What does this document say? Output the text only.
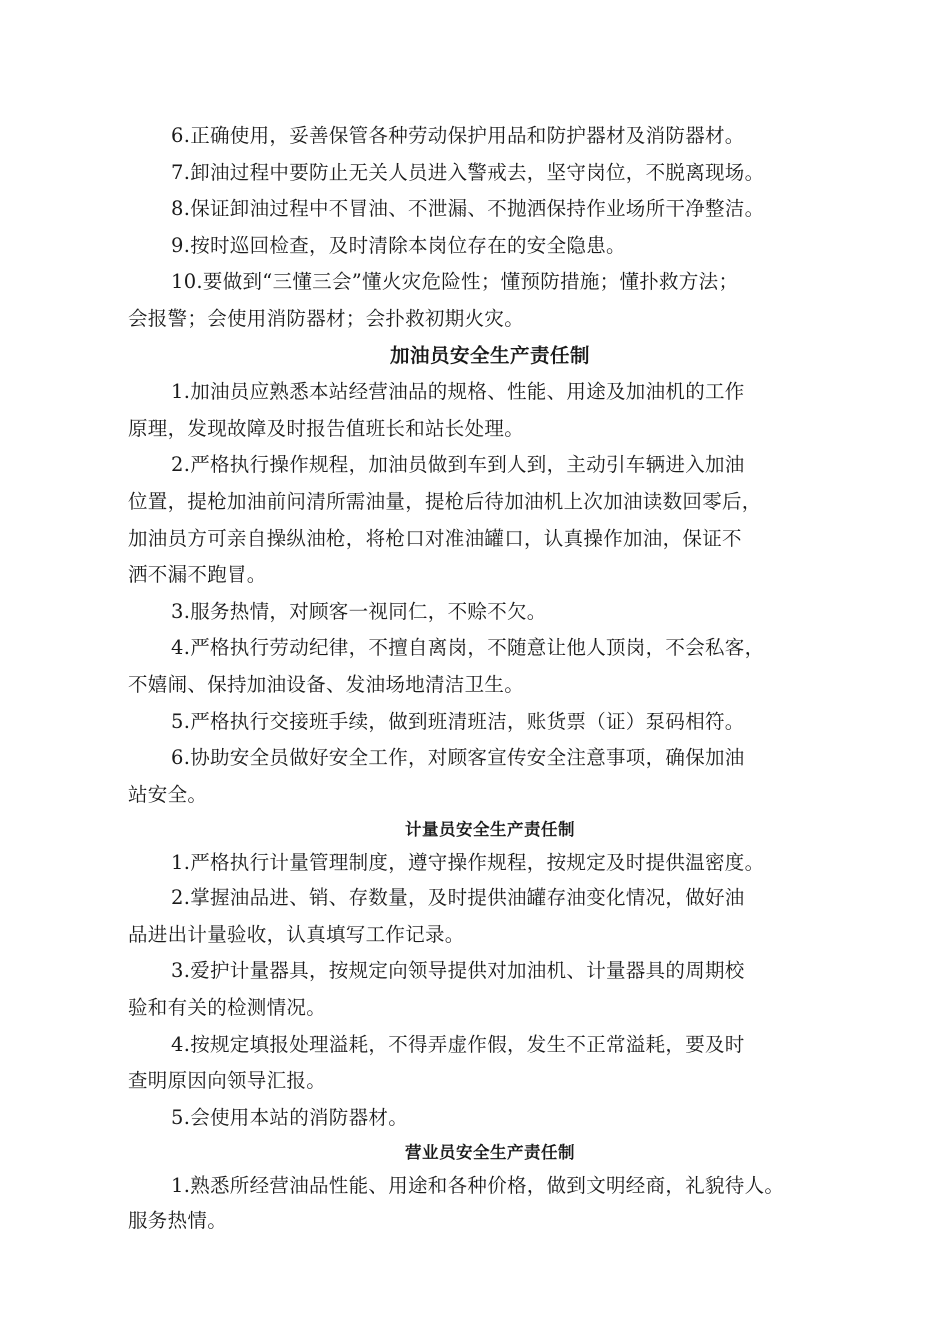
6.正确使用，妥善保管各种劳动保护用品和防护器材及消防器材。
7.卸油过程中要防止无关人员进入警戒去，坚守岗位，不脱离现场。
8.保证卸油过程中不冒油、不泄漏、不抛洒保持作业场所干净整洁。
9.按时巡回检查，及时清除本岗位存在的安全隐患。
10.要做到“三懂三会”懂火灾危险性；懂预防措施；懂扑救方法；
会报警；会使用消防器材；会扑救初期火灾。
加油员安全生产责任制
1.加油员应熟悉本站经营油品的规格、性能、用途及加油机的工作
原理，发现故障及时报告值班长和站长处理。
2.严格执行操作规程，加油员做到车到人到，主动引车辆进入加油
位置，提枪加油前问清所需油量，提枪后待加油机上次加油读数回零后，
加油员方可亲自操纵油枪，将枪口对准油罐口，认真操作加油，保证不
洒不漏不跑冒。
3.服务热情，对顾客一视同仁，不赊不欠。
4.严格执行劳动纪律，不擅自离岗，不随意让他人顶岗，不会私客，
不嬉闹、保持加油设备、发油场地清洁卫生。
5.严格执行交接班手续，做到班清班洁，账货票（证）泵码相符。
6.协助安全员做好安全工作，对顾客宣传安全注意事项，确保加油
站安全。
计量员安全生产责任制
1.严格执行计量管理制度，遵守操作规程，按规定及时提供温密度。
2.掌握油品进、销、存数量，及时提供油罐存油变化情况，做好油
品进出计量验收，认真填写工作记录。
3.爱护计量器具，按规定向领导提供对加油机、计量器具的周期校
验和有关的检测情况。
4.按规定填报处理溢耗，不得弄虚作假，发生不正常溢耗，要及时
查明原因向领导汇报。
5.会使用本站的消防器材。
营业员安全生产责任制
1.熟悉所经营油品性能、用途和各种价格，做到文明经商，礼貌待人。
服务热情。
